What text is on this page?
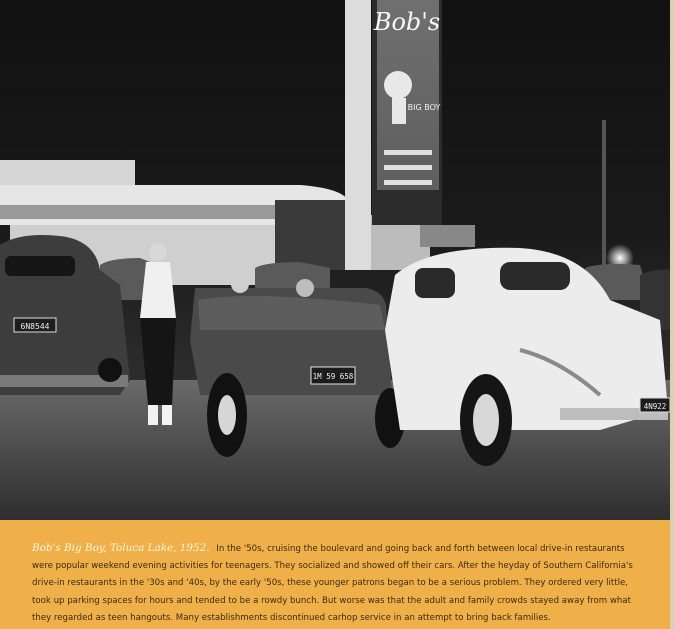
Bob's
BIG BOY
6N8544
1M 59 658
4N922

Bob's Big Boy, Toluca Lake, 1952. In the '50s, cruising the boulevard and going back and forth between local drive-in restaurants were popular weekend evening activities for teenagers. They socialized and showed off their cars. After the heyday of Southern California's drive-in restaurants in the '30s and '40s, by the early '50s, these younger patrons began to be a serious problem. They ordered very little, took up parking spaces for hours and tended to be a rowdy bunch. But worse was that the adult and family crowds stayed away from what they regarded as teen hangouts. Many establishments discontinued carhop service in an attempt to bring back families.
